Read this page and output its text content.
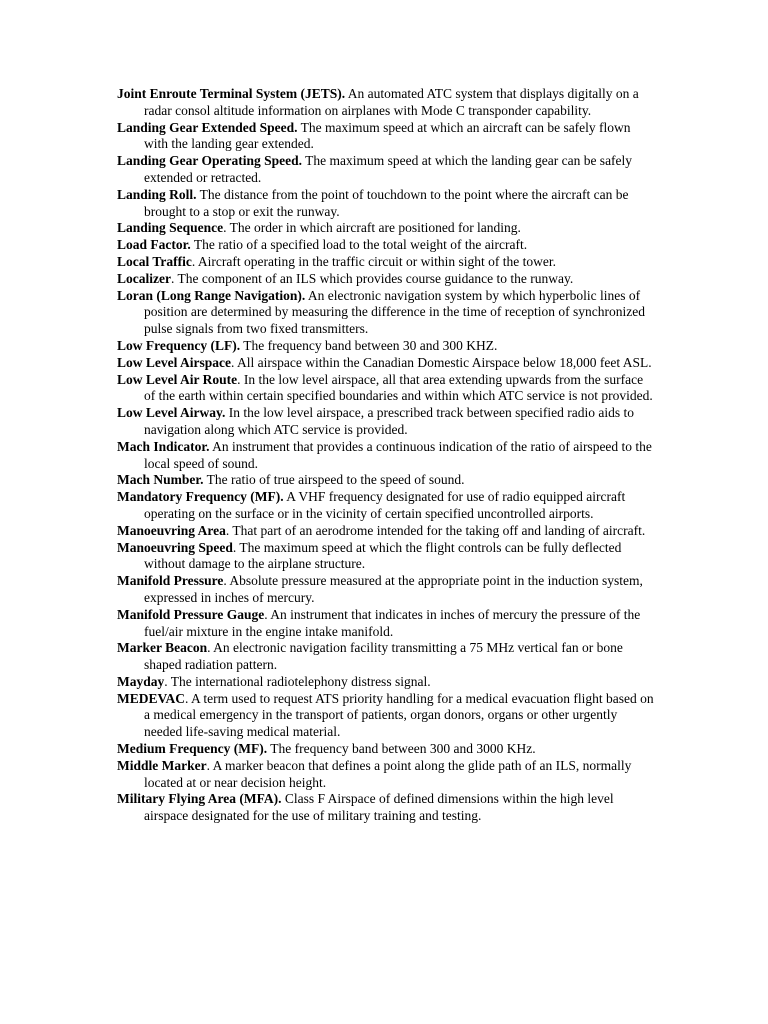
Joint Enroute Terminal System (JETS). An automated ATC system that displays digitally on a radar consol altitude information on airplanes with Mode C transponder capability.

Landing Gear Extended Speed. The maximum speed at which an aircraft can be safely flown with the landing gear extended.

Landing Gear Operating Speed. The maximum speed at which the landing gear can be safely extended or retracted.

Landing Roll. The distance from the point of touchdown to the point where the aircraft can be brought to a stop or exit the runway.

Landing Sequence. The order in which aircraft are positioned for landing.

Load Factor. The ratio of a specified load to the total weight of the aircraft.

Local Traffic. Aircraft operating in the traffic circuit or within sight of the tower.

Localizer. The component of an ILS which provides course guidance to the runway.

Loran (Long Range Navigation). An electronic navigation system by which hyperbolic lines of position are determined by measuring the difference in the time of reception of synchronized pulse signals from two fixed transmitters.

Low Frequency (LF). The frequency band between 30 and 300 KHZ.

Low Level Airspace. All airspace within the Canadian Domestic Airspace below 18,000 feet ASL.

Low Level Air Route. In the low level airspace, all that area extending upwards from the surface of the earth within certain specified boundaries and within which ATC service is not provided.

Low Level Airway. In the low level airspace, a prescribed track between specified radio aids to navigation along which ATC service is provided.

Mach Indicator. An instrument that provides a continuous indication of the ratio of airspeed to the local speed of sound.

Mach Number. The ratio of true airspeed to the speed of sound.

Mandatory Frequency (MF). A VHF frequency designated for use of radio equipped aircraft operating on the surface or in the vicinity of certain specified uncontrolled airports.

Manoeuvring Area. That part of an aerodrome intended for the taking off and landing of aircraft.

Manoeuvring Speed. The maximum speed at which the flight controls can be fully deflected without damage to the airplane structure.

Manifold Pressure. Absolute pressure measured at the appropriate point in the induction system, expressed in inches of mercury.

Manifold Pressure Gauge. An instrument that indicates in inches of mercury the pressure of the fuel/air mixture in the engine intake manifold.

Marker Beacon. An electronic navigation facility transmitting a 75 MHz vertical fan or bone shaped radiation pattern.

Mayday. The international radiotelephony distress signal.

MEDEVAC. A term used to request ATS priority handling for a medical evacuation flight based on a medical emergency in the transport of patients, organ donors, organs or other urgently needed life-saving medical material.

Medium Frequency (MF). The frequency band between 300 and 3000 KHz.

Middle Marker. A marker beacon that defines a point along the glide path of an ILS, normally located at or near decision height.

Military Flying Area (MFA). Class F Airspace of defined dimensions within the high level airspace designated for the use of military training and testing.
